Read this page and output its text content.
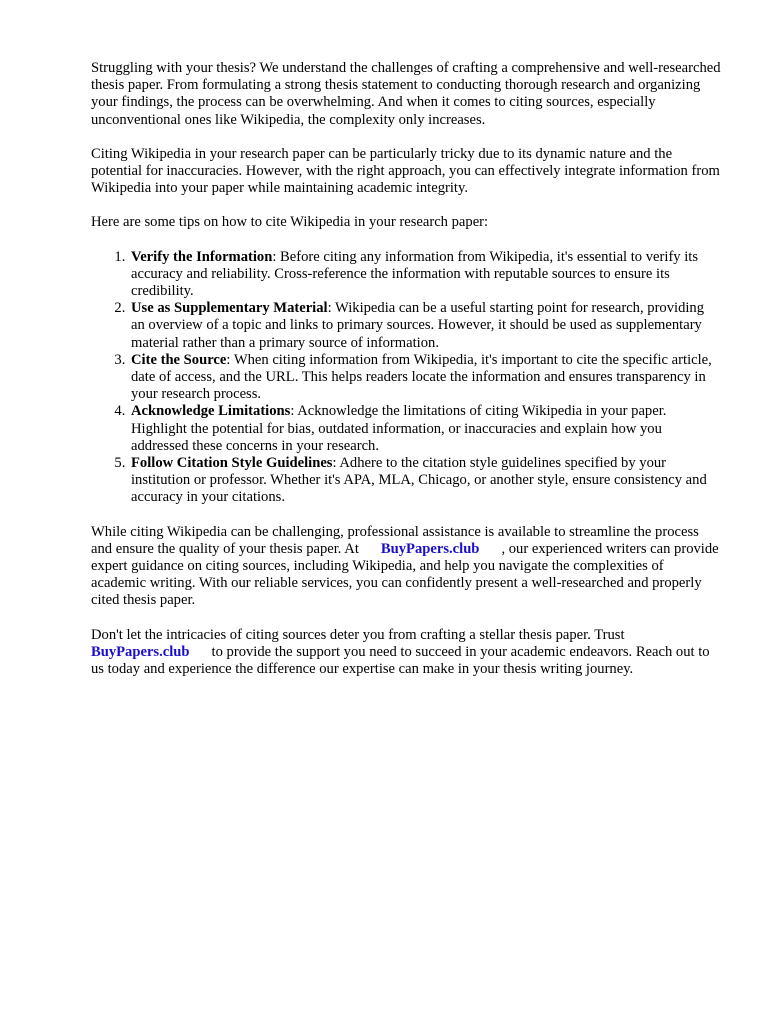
Struggling with your thesis? We understand the challenges of crafting a comprehensive and well-researched thesis paper. From formulating a strong thesis statement to conducting thorough research and organizing your findings, the process can be overwhelming. And when it comes to citing sources, especially unconventional ones like Wikipedia, the complexity only increases.

Citing Wikipedia in your research paper can be particularly tricky due to its dynamic nature and the potential for inaccuracies. However, with the right approach, you can effectively integrate information from Wikipedia into your paper while maintaining academic integrity.

Here are some tips on how to cite Wikipedia in your research paper:

1. Verify the Information: Before citing any information from Wikipedia, it's essential to verify its accuracy and reliability. Cross-reference the information with reputable sources to ensure its credibility.
2. Use as Supplementary Material: Wikipedia can be a useful starting point for research, providing an overview of a topic and links to primary sources. However, it should be used as supplementary material rather than a primary source of information.
3. Cite the Source: When citing information from Wikipedia, it's important to cite the specific article, date of access, and the URL. This helps readers locate the information and ensures transparency in your research process.
4. Acknowledge Limitations: Acknowledge the limitations of citing Wikipedia in your paper. Highlight the potential for bias, outdated information, or inaccuracies and explain how you addressed these concerns in your research.
5. Follow Citation Style Guidelines: Adhere to the citation style guidelines specified by your institution or professor. Whether it's APA, MLA, Chicago, or another style, ensure consistency and accuracy in your citations.

While citing Wikipedia can be challenging, professional assistance is available to streamline the process and ensure the quality of your thesis paper. At BuyPapers.club , our experienced writers can provide expert guidance on citing sources, including Wikipedia, and help you navigate the complexities of academic writing. With our reliable services, you can confidently present a well-researched and properly cited thesis paper.

Don't let the intricacies of citing sources deter you from crafting a stellar thesis paper. Trust BuyPapers.club to provide the support you need to succeed in your academic endeavors. Reach out to us today and experience the difference our expertise can make in your thesis writing journey.
